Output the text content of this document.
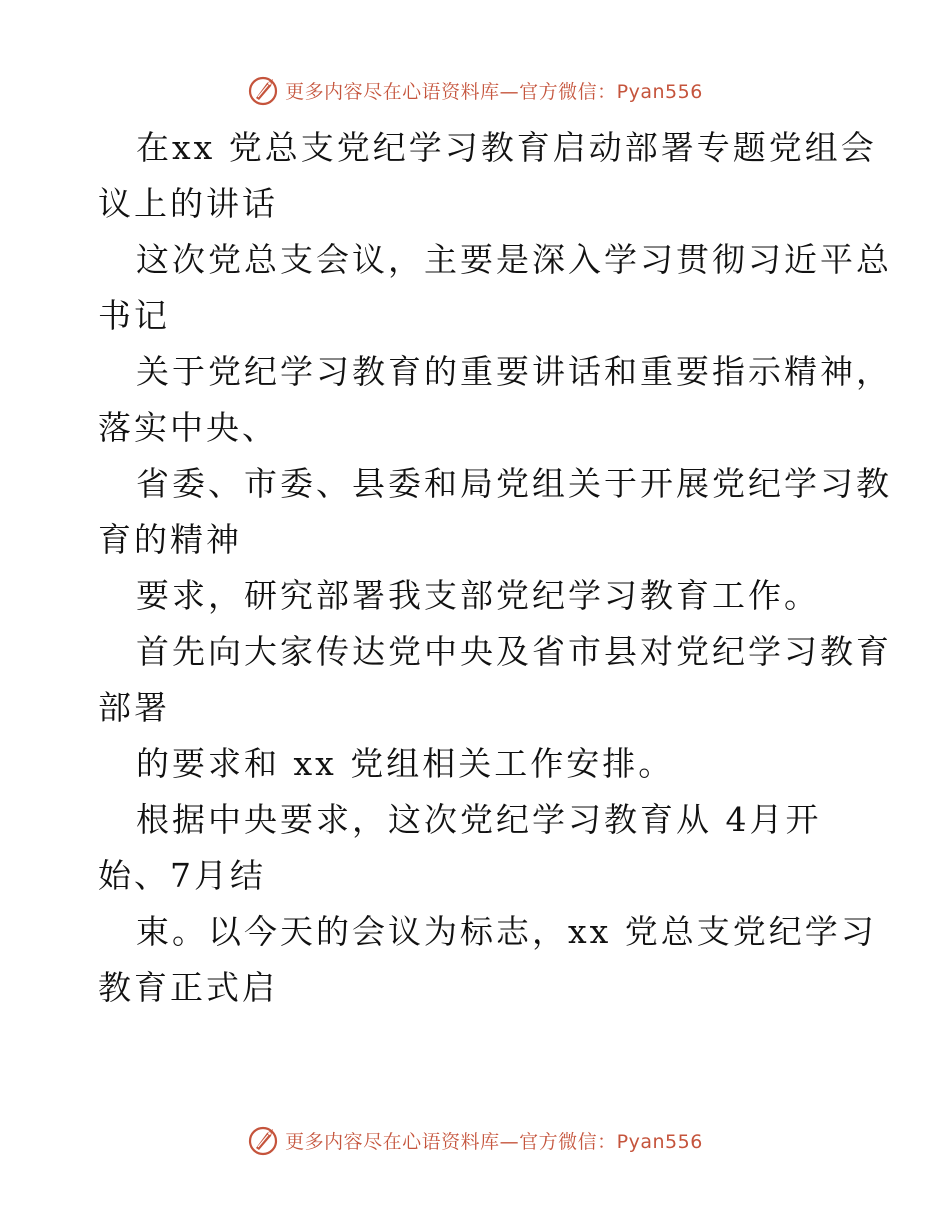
更多内容尽在心语资料库—官方微信：Pyan556
在xx 党总支党纪学习教育启动部署专题党组会
议上的讲话
这次党总支会议，主要是深入学习贯彻习近平总
书记
关于党纪学习教育的重要讲话和重要指示精神，
落实中央、
省委、市委、县委和局党组关于开展党纪学习教
育的精神
要求，研究部署我支部党纪学习教育工作。
首先向大家传达党中央及省市县对党纪学习教育
部署
的要求和 xx 党组相关工作安排。
根据中央要求，这次党纪学习教育从 4月开
始、7月结
束。以今天的会议为标志，xx 党总支党纪学习
教育正式启
更多内容尽在心语资料库—官方微信：Pyan556
